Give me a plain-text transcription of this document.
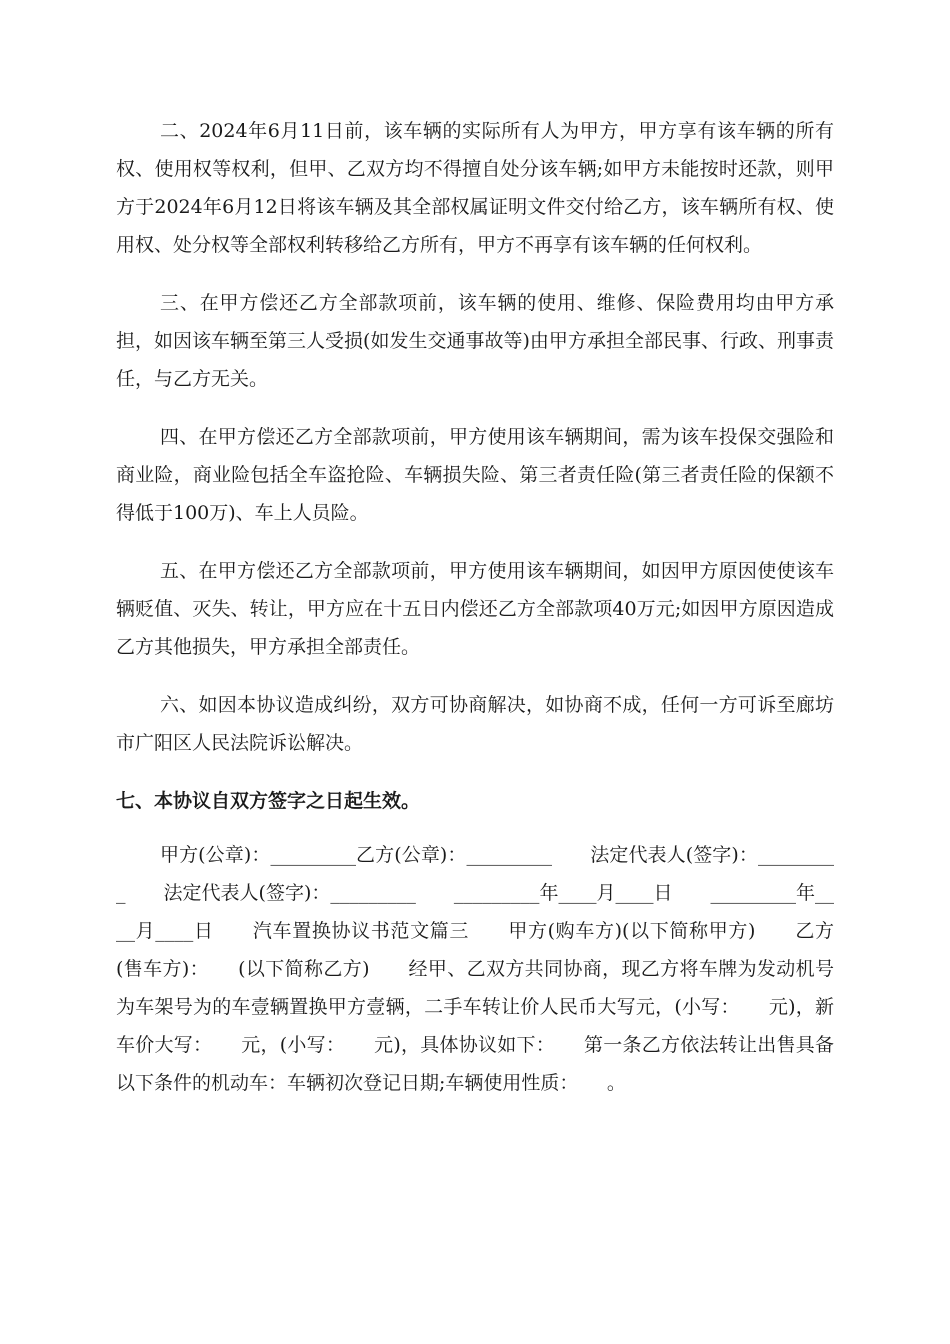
二、2024年6月11日前，该车辆的实际所有人为甲方，甲方享有该车辆的所有权、使用权等权利，但甲、乙双方均不得擅自处分该车辆;如甲方未能按时还款，则甲方于2024年6月12日将该车辆及其全部权属证明文件交付给乙方，该车辆所有权、使用权、处分权等全部权利转移给乙方所有，甲方不再享有该车辆的任何权利。

三、在甲方偿还乙方全部款项前，该车辆的使用、维修、保险费用均由甲方承担，如因该车辆至第三人受损(如发生交通事故等)由甲方承担全部民事、行政、刑事责任，与乙方无关。

四、在甲方偿还乙方全部款项前，甲方使用该车辆期间，需为该车投保交强险和商业险，商业险包括全车盗抢险、车辆损失险、第三者责任险(第三者责任险的保额不得低于100万)、车上人员险。

五、在甲方偿还乙方全部款项前，甲方使用该车辆期间，如因甲方原因使使该车辆贬值、灭失、转让，甲方应在十五日内偿还乙方全部款项40万元;如因甲方原因造成乙方其他损失，甲方承担全部责任。

六、如因本协议造成纠纷，双方可协商解决，如协商不成，任何一方可诉至廊坊市广阳区人民法院诉讼解决。

七、本协议自双方签字之日起生效。

甲方(公章)：_________乙方(公章)：_________　　法定代表人(签字)：_________　　法定代表人(签字)：_________　　_________年____月____日　　_________年____月____日　　汽车置换协议书范文篇三　　甲方(购车方)(以下简称甲方)　　乙方(售车方)：　　(以下简称乙方)　　经甲、乙双方共同协商，现乙方将车牌为发动机号为车架号为的车壹辆置换甲方壹辆，二手车转让价人民币大写元，(小写：　　元)，新车价大写：　　元，(小写：　　元)，具体协议如下：　　第一条乙方依法转让出售具备以下条件的机动车：车辆初次登记日期;车辆使用性质：　　。
